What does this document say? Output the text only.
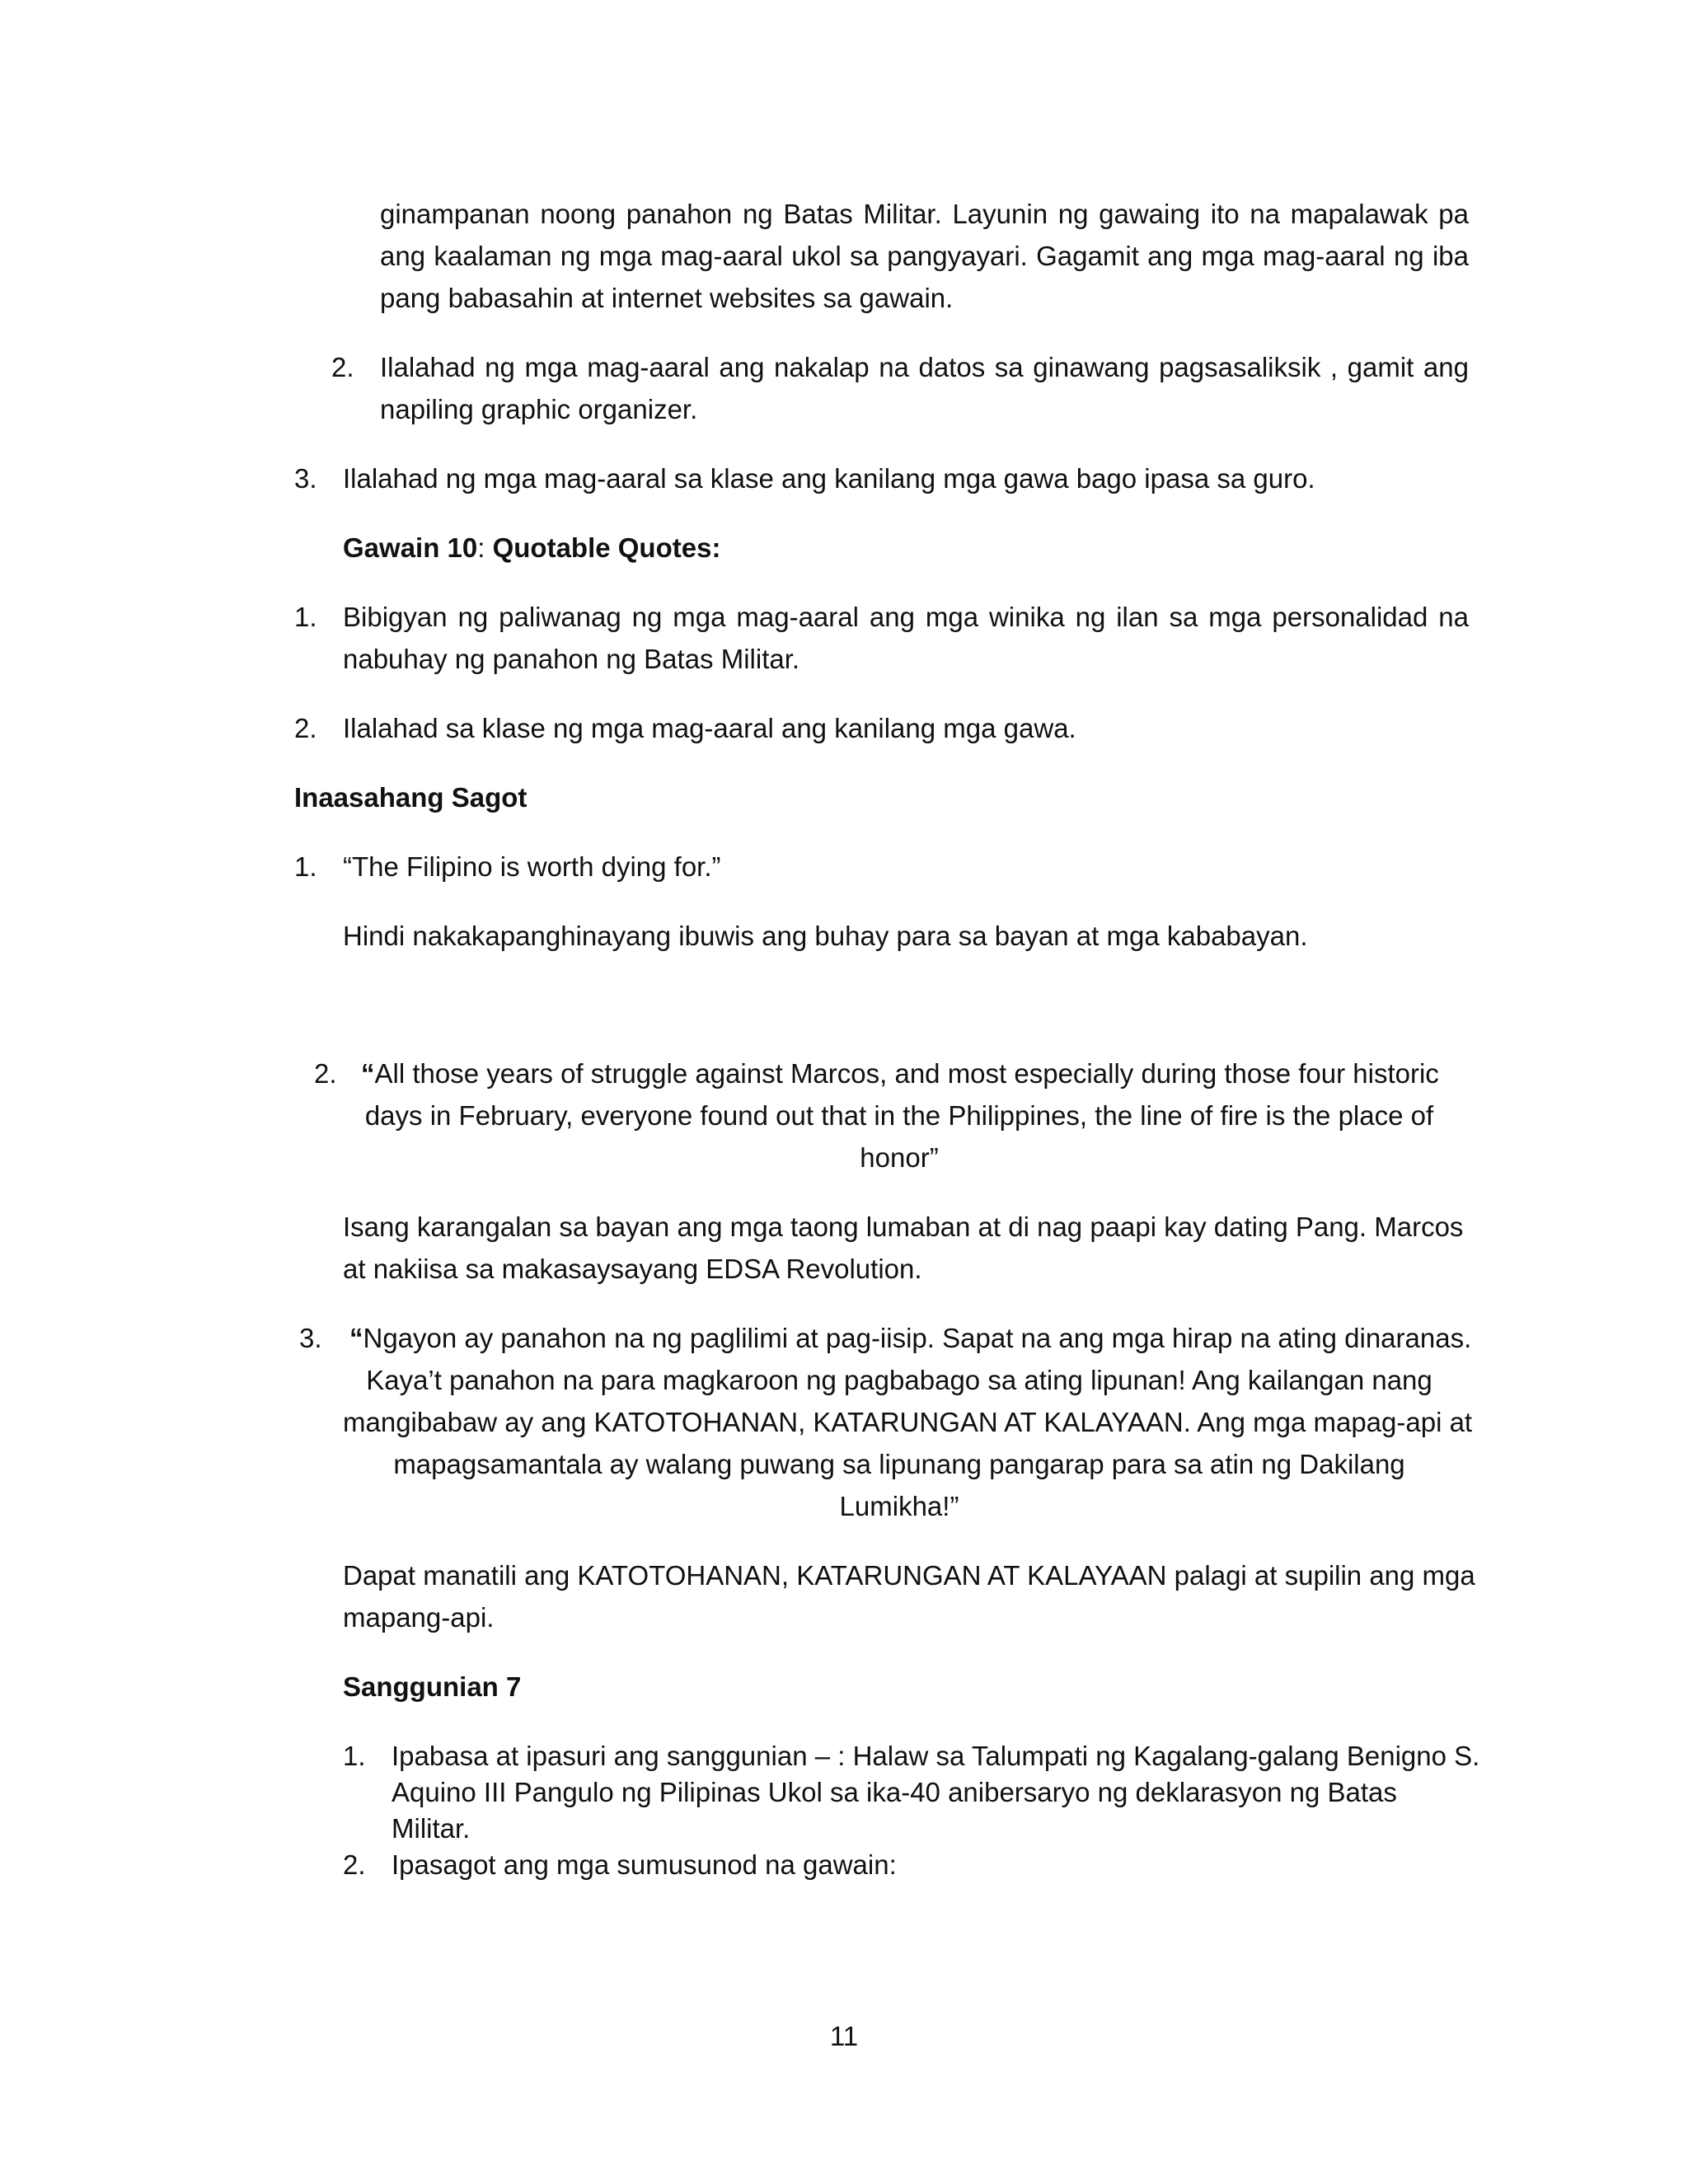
ginampanan noong panahon ng Batas Militar. Layunin ng gawaing ito na mapalawak pa
ang kaalaman ng mga mag-aaral ukol sa pangyayari. Gagamit ang mga mag-aaral ng iba
pang babasahin at internet websites sa gawain.
2. Ilalahad ng mga mag-aaral ang nakalap na datos sa ginawang pagsasaliksik , gamit ang
napiling graphic organizer.
3. Ilalahad ng mga mag-aaral sa klase ang kanilang mga gawa bago ipasa sa guro.
Gawain 10: Quotable Quotes:
1. Bibigyan ng paliwanag ng mga mag-aaral ang mga winika ng ilan sa mga personalidad na
nabuhay ng panahon ng Batas Militar.
2. Ilalahad sa klase ng mga mag-aaral ang kanilang mga gawa.
Inaasahang Sagot
1. “The Filipino is worth dying for.”
Hindi nakakapanghinayang ibuwis ang buhay para sa bayan at mga kababayan.
2. “All those years of struggle against Marcos, and most especially during those four historic
days in February, everyone found out that in the Philippines, the line of fire is the place of
honor”
Isang karangalan sa bayan ang mga taong lumaban at di nag paapi kay dating Pang. Marcos
at nakiisa sa makasaysayang EDSA Revolution.
3. “Ngayon ay panahon na ng paglilimi at pag-iisip. Sapat na ang mga hirap na ating dinaranas.
Kaya’t panahon na para magkaroon ng pagbabago sa ating lipunan! Ang kailangan nang
mangibabaw ay ang KATOTOHANAN, KATARUNGAN AT KALAYAAN. Ang mga mapag-api at
mapagsamantala ay walang puwang sa lipunang pangarap para sa atin ng Dakilang
Lumikha!”
Dapat manatili ang KATOTOHANAN, KATARUNGAN AT KALAYAAN palagi at supilin ang mga
mapang-api.
Sanggunian 7
1. Ipabasa at ipasuri ang sanggunian – : Halaw sa Talumpati ng Kagalang-galang Benigno S.
Aquino III Pangulo ng Pilipinas Ukol sa ika-40 anibersaryo ng deklarasyon ng Batas
Militar.
2. Ipasagot ang mga sumusunod na gawain:
11
